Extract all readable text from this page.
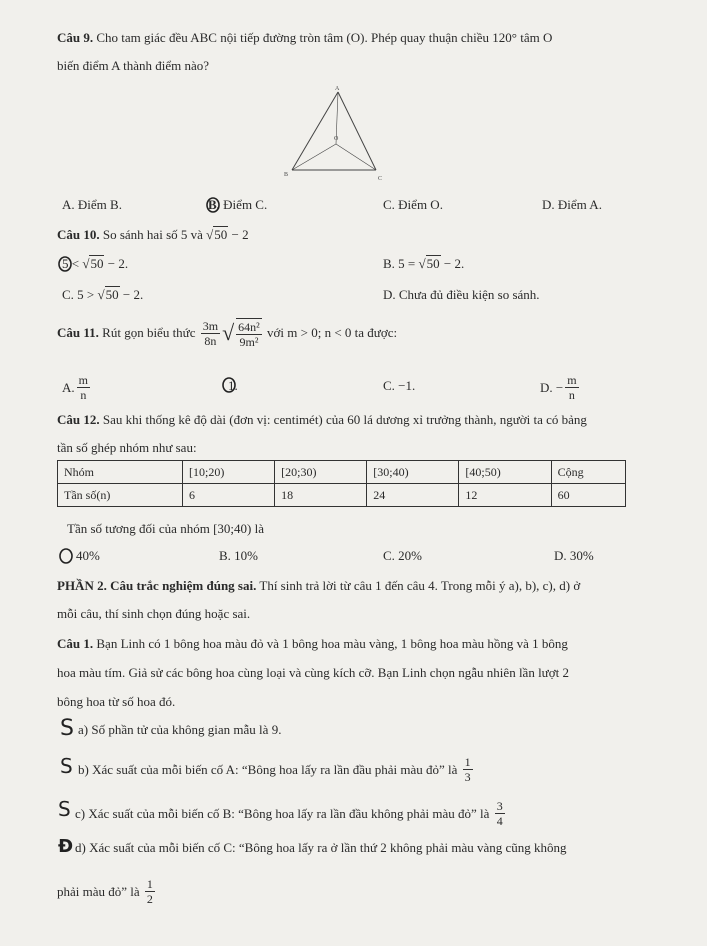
Câu 9. Cho tam giác đều ABC nội tiếp đường tròn tâm (O). Phép quay thuận chiều 120° tâm O
biến điểm A thành điểm nào?
A
B
C
O
A. Điểm B.	B. Điểm C.	C. Điểm O.	D. Điểm A.
Câu 10. So sánh hai số 5 và √50 − 2
5 < √50 − 2.	B. 5 = √50 − 2.
C. 5 > √50 − 2.	D. Chưa đủ điều kiện so sánh.
Câu 11.
Rút gọn biểu thức
$\frac{3m}{8n}$ √ $\frac{\text{64n²}}{\text{9m²}}$
với m > 0; n < 0 ta được:
A. $\frac{m}{n}$	1.	C. −1.	D. − $\frac{m}{n}$
Câu 12. Sau khi thống kê độ dài (đơn vị: centimét) của 60 lá dương xỉ trưởng thành, người ta có bảng
tần số ghép nhóm như sau:
Nhóm	[10;20)	[20;30)	[30;40)	[40;50)	Cộng
Tần số(n)	6	18	24	12	60
Tần số tương đối của nhóm [30;40) là
40%	B. 10%	C. 20%	D. 30%
PHẦN 2. Câu trắc nghiệm đúng sai. Thí sinh trả lời từ câu 1 đến câu 4. Trong mỗi ý a), b), c), d) ở
mỗi câu, thí sinh chọn đúng hoặc sai.
Câu 1. Bạn Linh có 1 bông hoa màu đỏ và 1 bông hoa màu vàng, 1 bông hoa màu hồng và 1 bông
hoa màu tím. Giả sử các bông hoa cùng loại và cùng kích cỡ. Bạn Linh chọn ngẫu nhiên lần lượt 2
bông hoa từ số hoa đó.
S a) Số phần tử của không gian mẫu là 9.
S b) Xác suất của mỗi biến cố A: “Bông hoa lấy ra lần đầu phải màu đỏ” là
$\frac{1}{3}$
S c) Xác suất của mỗi biến cố B: “Bông hoa lấy ra lần đầu không phải màu đỏ” là
$\frac{3}{4}$
Đ d) Xác suất của mỗi biến cố C: “Bông hoa lấy ra ở lần thứ 2 không phải màu vàng cũng không
phải màu đỏ” là
$\frac{1}{2}$
